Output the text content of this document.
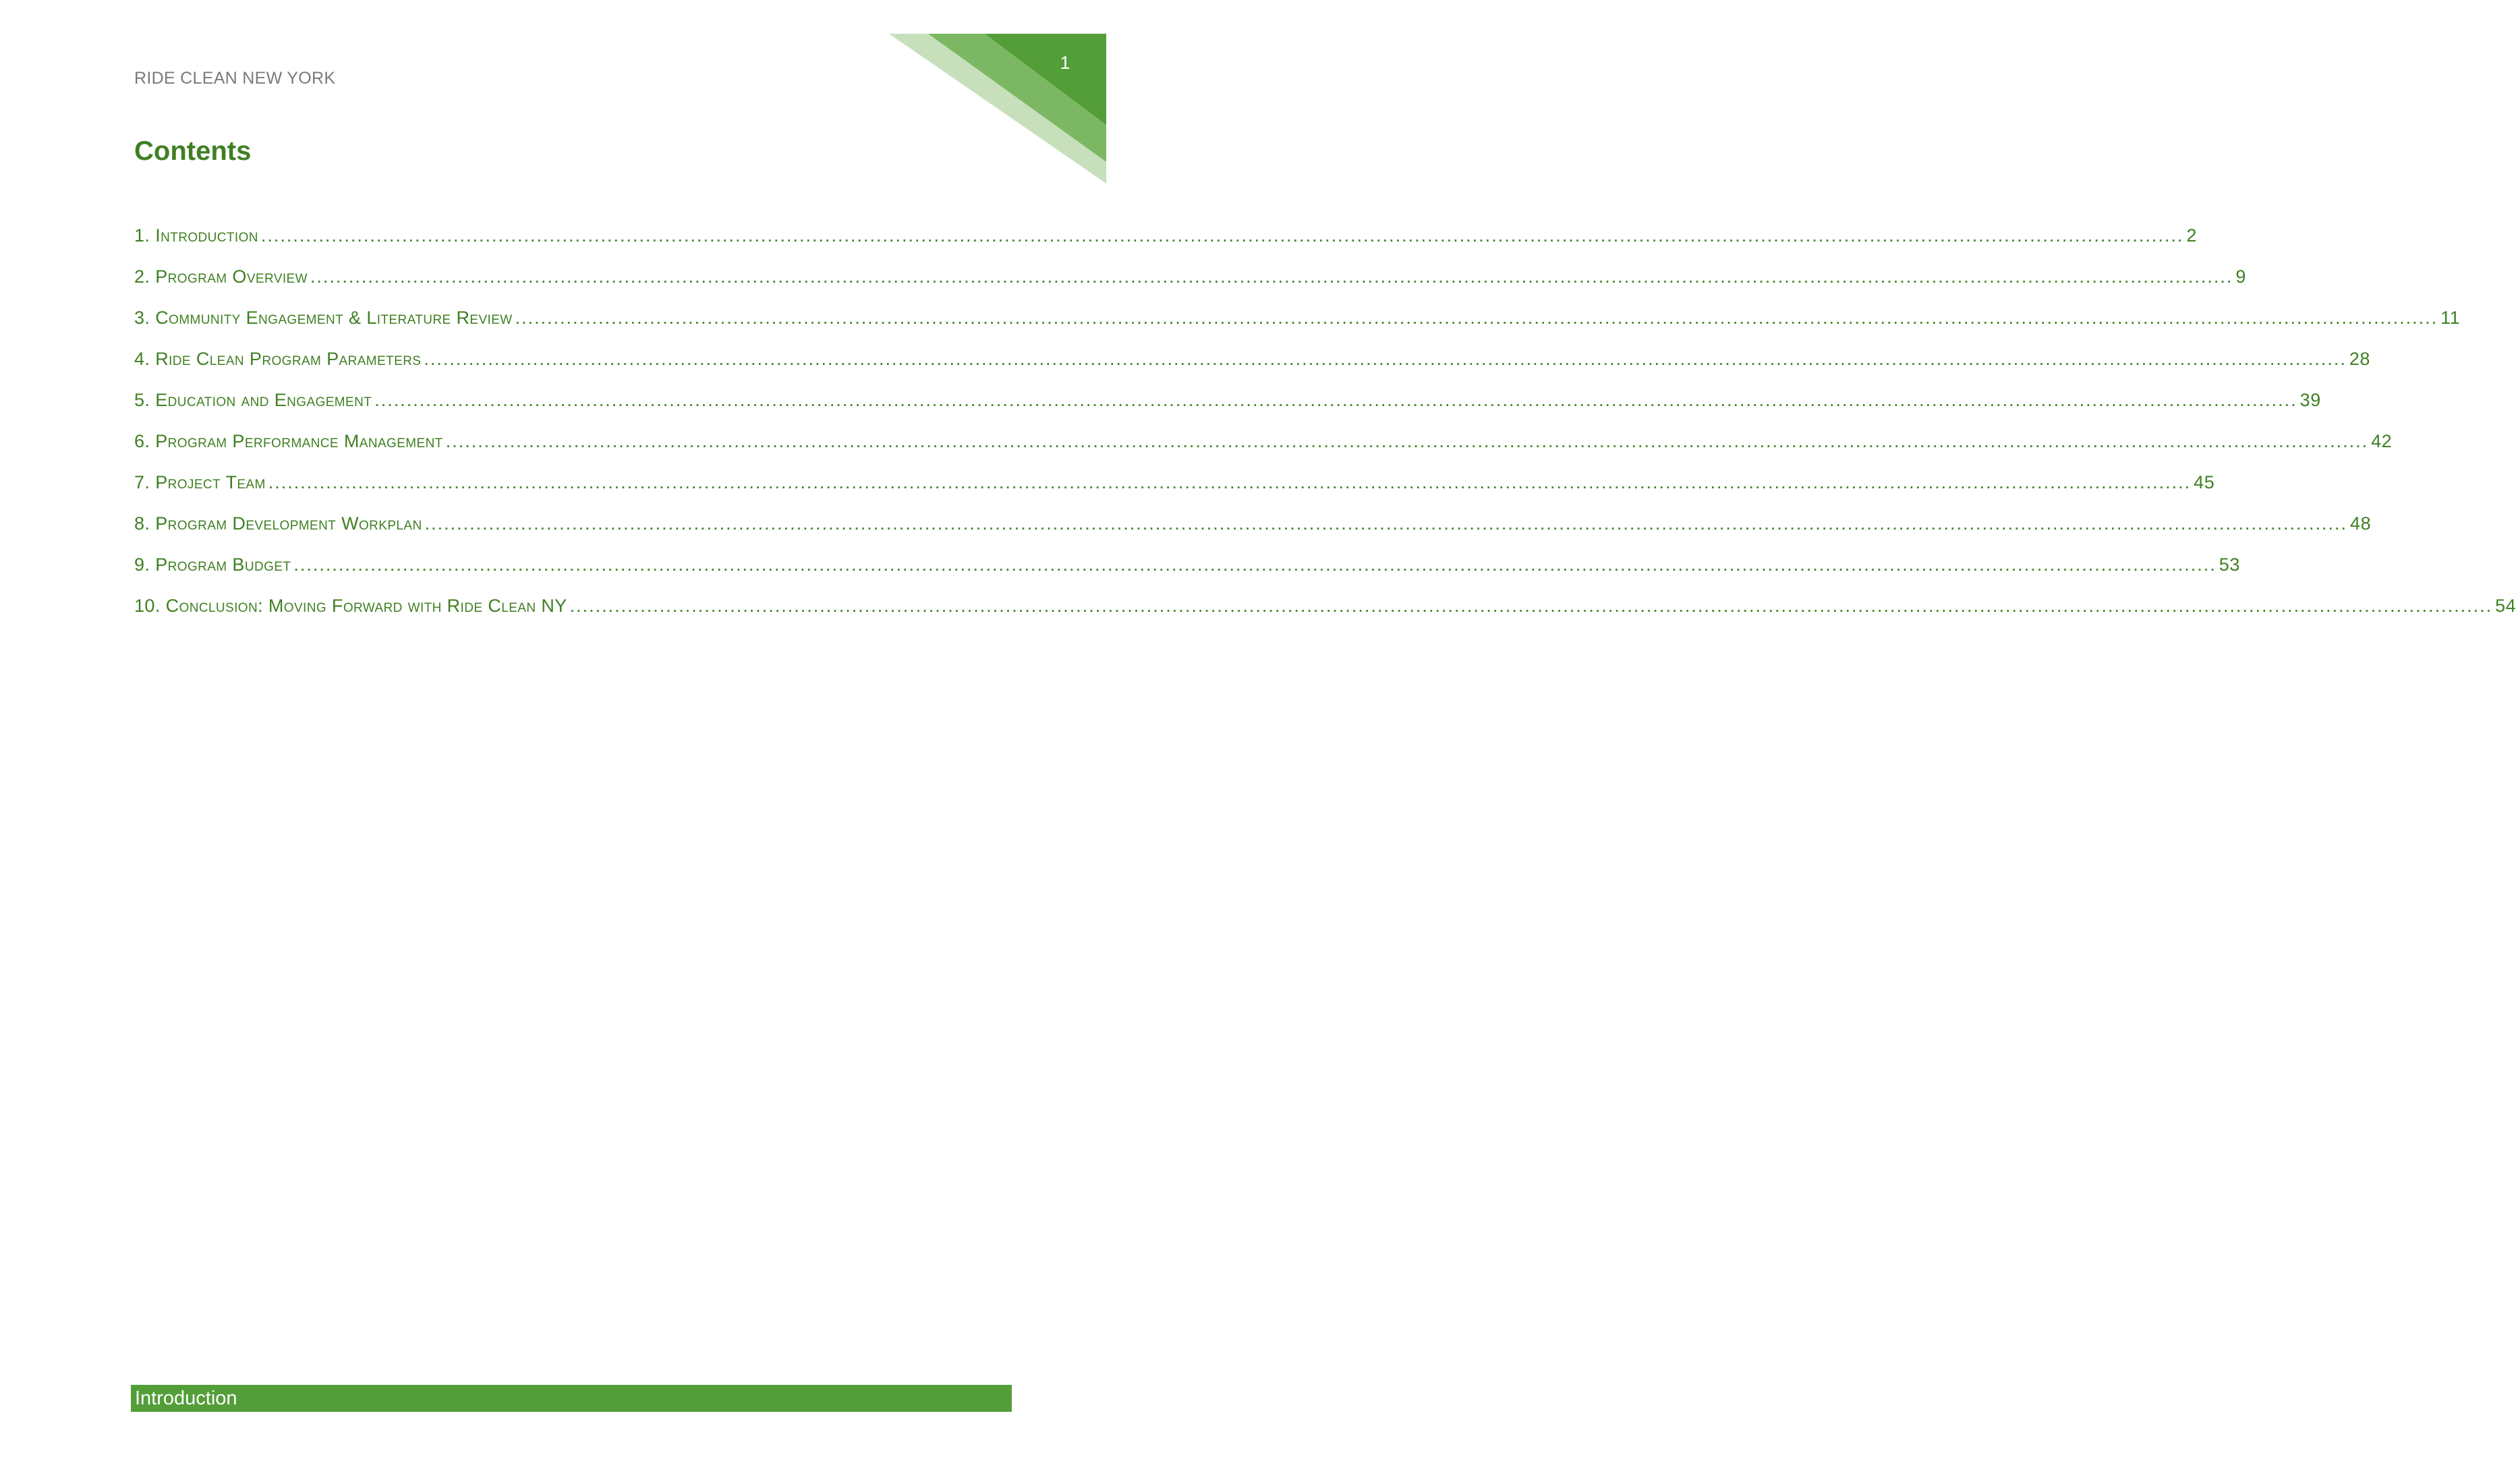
1
RIDE CLEAN NEW YORK
Contents
1. Introduction ............................................................................................................................................................................................................................................................................................................ 2
2. Program Overview ............................................................................................................................................................................................................................................................................................................ 9
3. Community Engagement & Literature Review ............................................................................................................................................................................................................................................................................................................ 11
4. Ride Clean Program Parameters ............................................................................................................................................................................................................................................................................................................ 28
5. Education and Engagement ............................................................................................................................................................................................................................................................................................................ 39
6. Program Performance Management ............................................................................................................................................................................................................................................................................................................ 42
7. Project Team ............................................................................................................................................................................................................................................................................................................ 45
8. Program Development Workplan ............................................................................................................................................................................................................................................................................................................ 48
9. Program Budget ............................................................................................................................................................................................................................................................................................................ 53
10. Conclusion: Moving Forward with Ride Clean NY ............................................................................................................................................................................................................................................................................................................ 54
Introduction
